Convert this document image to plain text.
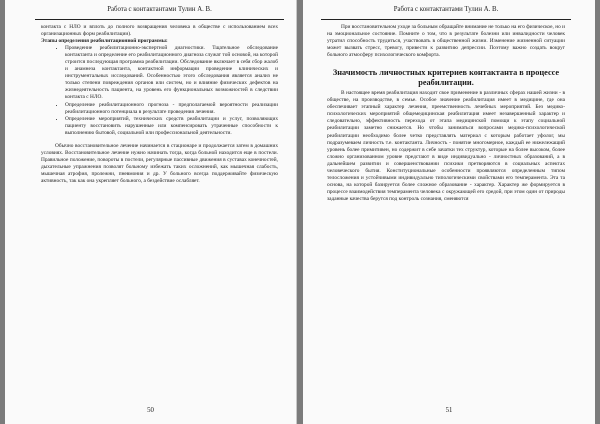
Работа с контактантами Тулин А. В.

контакта с НЛО и вплоть до полного возвращения человека в обществе с использованием всех организационных форм реабилитации).

Этапы определения реабилитационной программы:

• Проведение реабилитационно-экспертной диагностики. Тщательное обследование контактанта и определение его реабилитационного диагноза служат той основой, на которой строится последующая программа реабилитации. Обследование включает в себя сбор жалоб и анамнеза контактанта, контактной информации проведение клинических и инструментальных исследований. Особенностью этого обследования является анализ не только степени повреждения органов или систем, но и влияние физических дефектов на жизнедеятельность пациента, на уровень его функциональных возможностей в следствии контакта с НЛО.
• Определение реабилитационного прогноза - предполагаемой вероятности реализации реабилитационного потенциала в результате проведения лечения.
• Определение мероприятий, технических средств реабилитации и услуг, позволяющих пациенту восстановить нарушенные или компенсировать утраченные способности к выполнению бытовой, социальной или профессиональной деятельности.

Обычно восстановительное лечение начинается в стационаре и продолжается затем в домашних условиях. Восстановительное лечение нужно начинать тогда, когда больной находится еще в постели. Правильное положение, повороты в постели, регулярные пассивные движения в суставах конечностей, дыхательные упражнения позволят больному избежать таких осложнений, как мышечная слабость, мышечная атрофия, пролежни, пневмония и др. У больного всегда поддерживайте физическую активность, так как она укрепляет больного, а бездействие ослабляет.

50
Работа с контактантами Тулин А. В.

При восстановительном уходе за больным обращайте внимание не только на его физическое, но и на эмоциональное состояние. Помните о том, что в результате болезни или инвалидности человек утратил способность трудиться, участвовать в общественной жизни. Изменение жизненной ситуации может вызвать стресс, тревогу, привести к развитию депрессии. Поэтому важно создать вокруг больного атмосферу психологического комфорта.

Значимость личностных критериев контактанта в процессе реабилитации.

В настоящее время реабилитация находит свое применение в различных сферах нашей жизни - в обществе, на производстве, в семье. Особое значение реабилитация имеет в медицине, где она обеспечивает этапный характер лечения, преемственность лечебных мероприятий. Без медико-психологических мероприятий общемедицинская реабилитация имеет незавершенный характер и следовательно, эффективность перехода от этапа медицинской помощи к этапу социальной реабилитации заметно снижается. Но чтобы заниматься вопросами медико-психологической реабилитации необходимо более четко представлять материал с которым работает уфолог, мы подразумеваем личность т.е. контактанта. Личность - понятие многомерное, каждый ее нижележащий уровень более примитивен, но содержит в себе зачатки тех структур, которые на более высоком, более сложно организованном уровне предстают в виде индивидуально - личностных образований, а в дальнейшем развитии и совершенствовании психики претворяются в социальных аспектах человеческого бытия. Конституциональные особенности проявляются определенным типом телосложения и устойчивыми индивидуально типологическими свойствами его темперамента. Эта та основа, на которой базируется более сложное образование - характер. Характер же формируется в процессе взаимодействия темперамента человека с окружающей его средой, при этом один от природы заданные качества берутся под контроль сознания, сменяются

51
